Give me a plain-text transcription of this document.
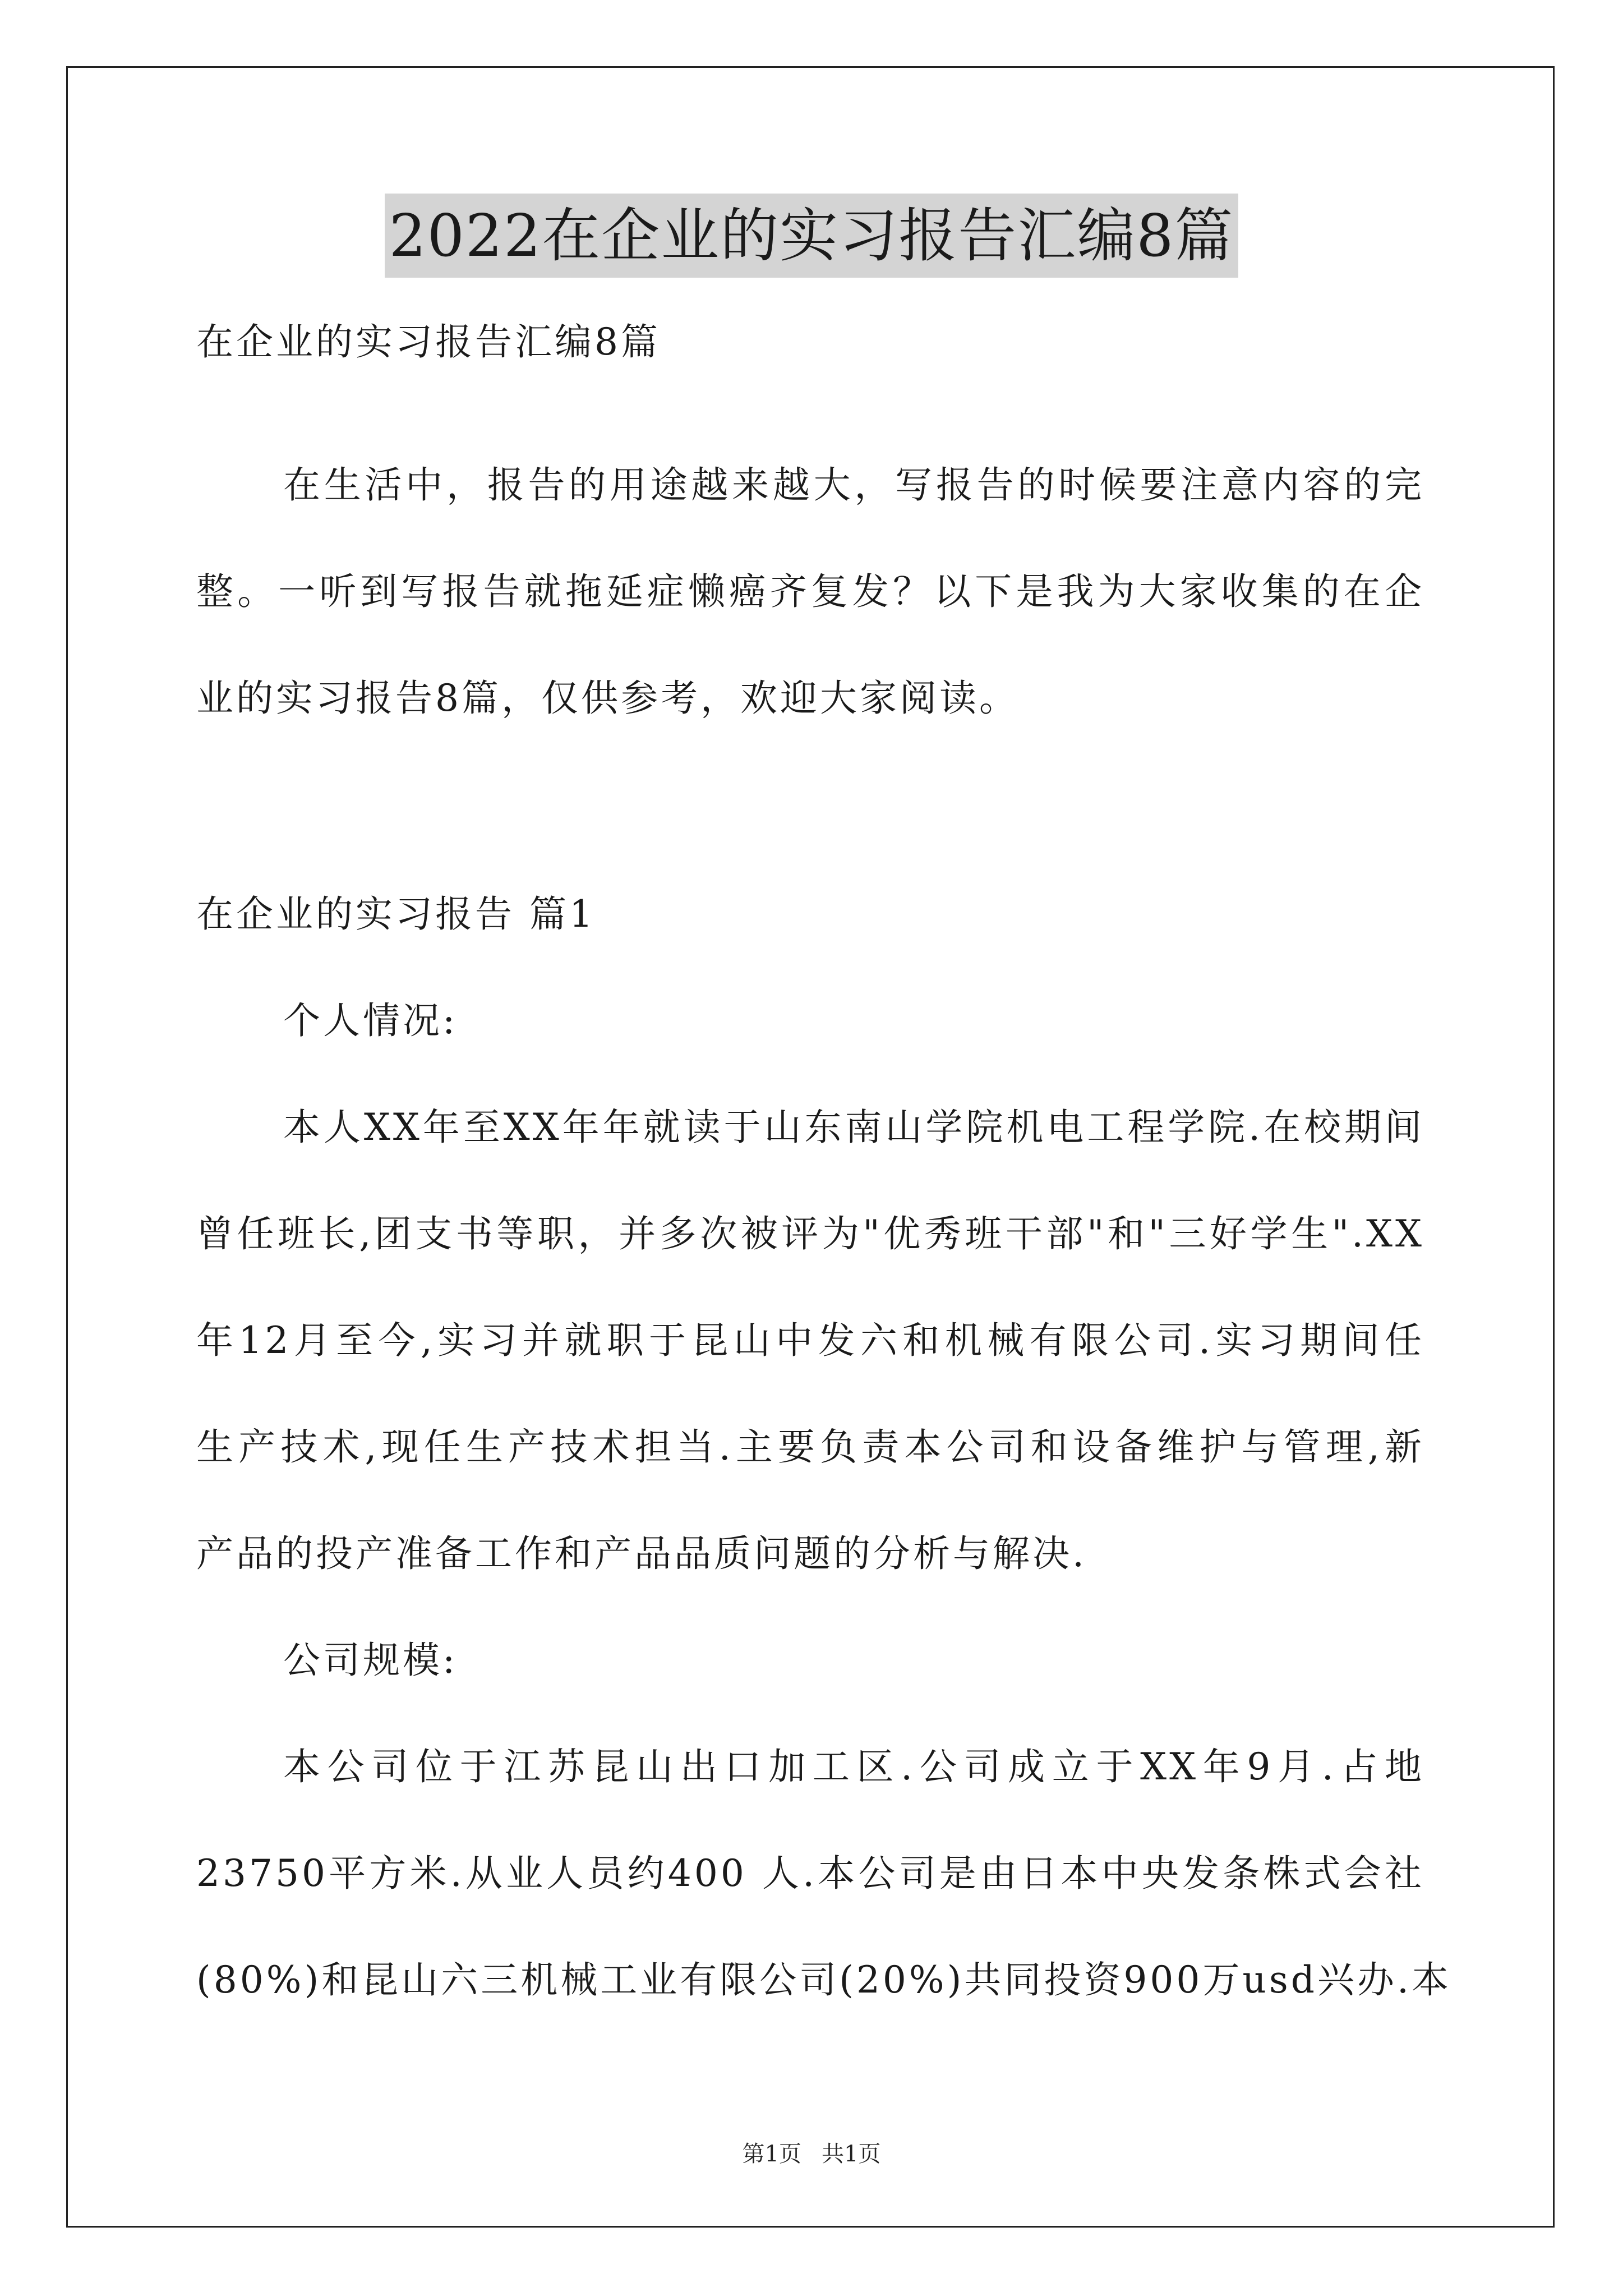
2022在企业的实习报告汇编8篇
在企业的实习报告汇编8篇
在生活中，报告的用途越来越大，写报告的时候要注意内容的完
整。一听到写报告就拖延症懒癌齐复发？以下是我为大家收集的在企
业的实习报告8篇，仅供参考，欢迎大家阅读。
在企业的实习报告 篇1
个人情况:
本人XX年至XX年年就读于山东南山学院机电工程学院.在校期间
曾任班长,团支书等职，并多次被评为"优秀班干部"和"三好学生".XX
年12月至今,实习并就职于昆山中发六和机械有限公司.实习期间任
生产技术,现任生产技术担当.主要负责本公司和设备维护与管理,新
产品的投产准备工作和产品品质问题的分析与解决.
公司规模:
本公司位于江苏昆山出口加工区.公司成立于XX年9月.占地
23750平方米.从业人员约400 人.本公司是由日本中央发条株式会社
(80%)和昆山六三机械工业有限公司(20%)共同投资900万usd兴办.本
第1页 共1页
